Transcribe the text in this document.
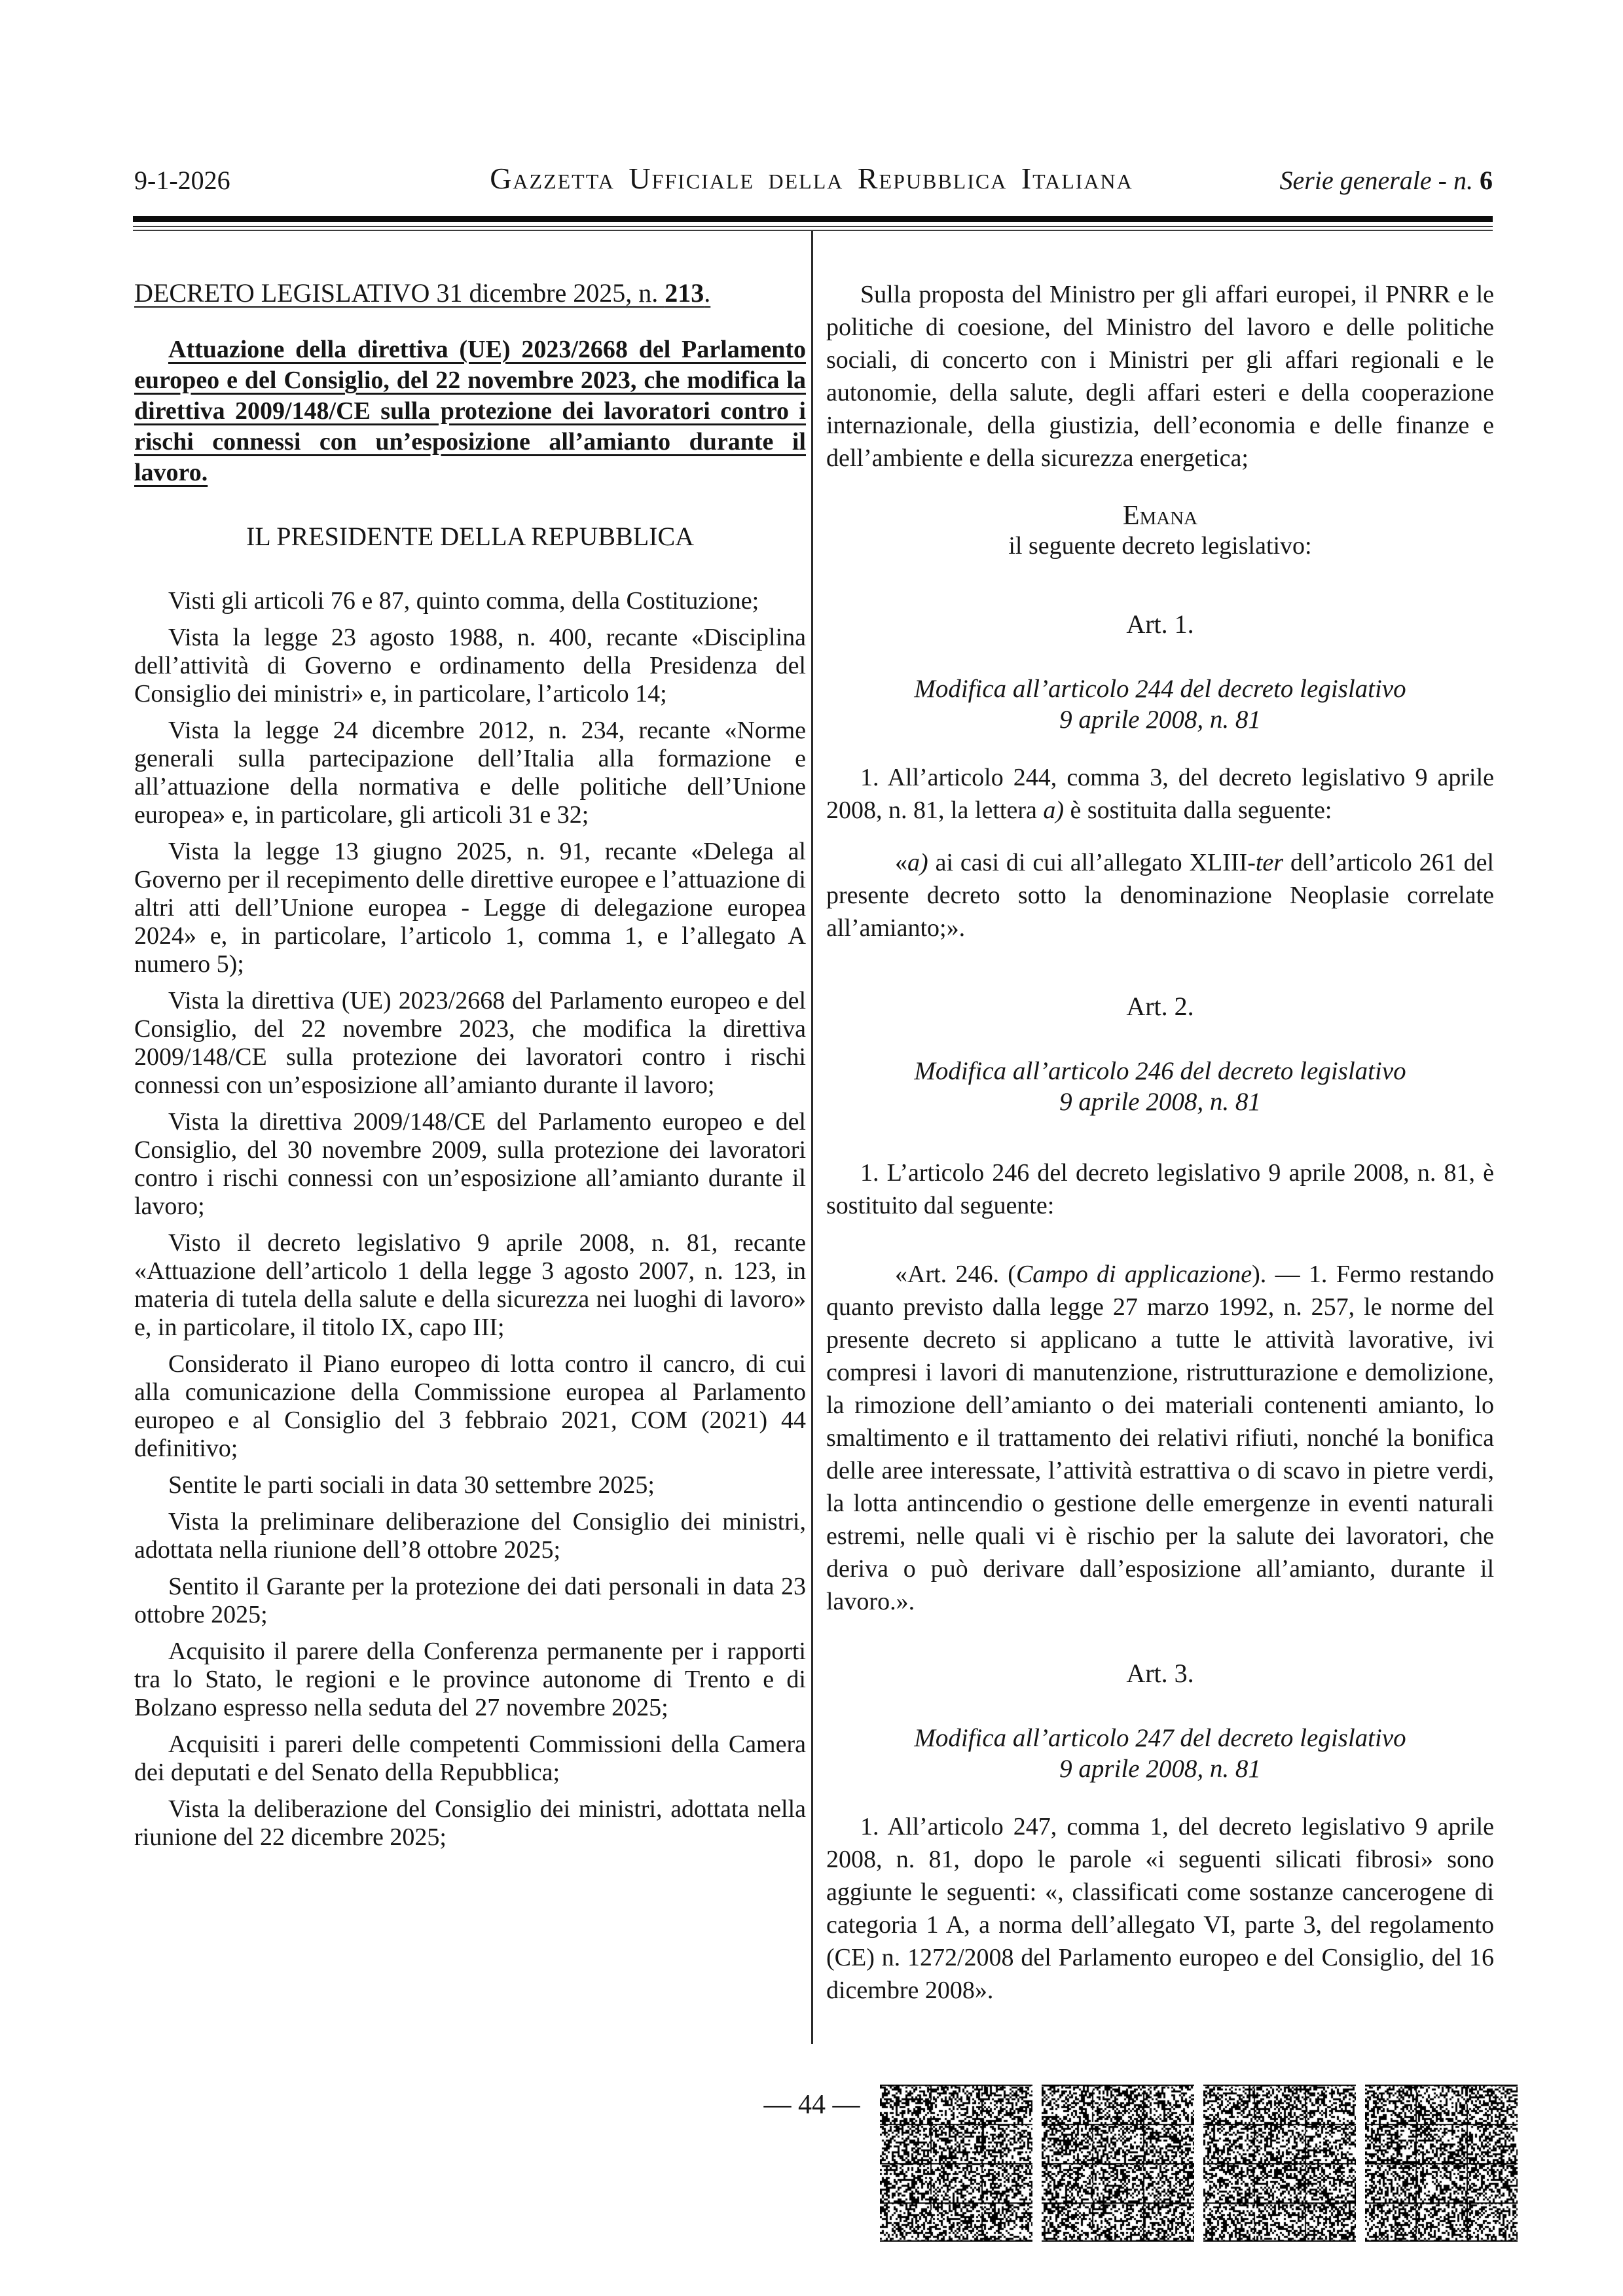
9-1-2026	Gazzetta Ufficiale della Repubblica Italiana	Serie generale - n. 6
DECRETO LEGISLATIVO 31 dicembre 2025, n. 213.

Attuazione della direttiva (UE) 2023/2668 del Parlamento europeo e del Consiglio, del 22 novembre 2023, che modifica la direttiva 2009/148/CE sulla protezione dei lavoratori contro i rischi connessi con un’esposizione all’amianto durante il lavoro.

IL PRESIDENTE DELLA REPUBBLICA

Visti gli articoli 76 e 87, quinto comma, della Costituzione;

Vista la legge 23 agosto 1988, n. 400, recante «Disciplina dell’attività di Governo e ordinamento della Presidenza del Consiglio dei ministri» e, in particolare, l’articolo 14;

Vista la legge 24 dicembre 2012, n. 234, recante «Norme generali sulla partecipazione dell’Italia alla formazione e all’attuazione della normativa e delle politiche dell’Unione europea» e, in particolare, gli articoli 31 e 32;

Vista la legge 13 giugno 2025, n. 91, recante «Delega al Governo per il recepimento delle direttive europee e l’attuazione di altri atti dell’Unione europea - Legge di delegazione europea 2024» e, in particolare, l’articolo 1, comma 1, e l’allegato A numero 5);

Vista la direttiva (UE) 2023/2668 del Parlamento europeo e del Consiglio, del 22 novembre 2023, che modifica la direttiva 2009/148/CE sulla protezione dei lavoratori contro i rischi connessi con un’esposizione all’amianto durante il lavoro;

Vista la direttiva 2009/148/CE del Parlamento europeo e del Consiglio, del 30 novembre 2009, sulla protezione dei lavoratori contro i rischi connessi con un’esposizione all’amianto durante il lavoro;

Visto il decreto legislativo 9 aprile 2008, n. 81, recante «Attuazione dell’articolo 1 della legge 3 agosto 2007, n. 123, in materia di tutela della salute e della sicurezza nei luoghi di lavoro» e, in particolare, il titolo IX, capo III;

Considerato il Piano europeo di lotta contro il cancro, di cui alla comunicazione della Commissione europea al Parlamento europeo e al Consiglio del 3 febbraio 2021, COM (2021) 44 definitivo;

Sentite le parti sociali in data 30 settembre 2025;

Vista la preliminare deliberazione del Consiglio dei ministri, adottata nella riunione dell’8 ottobre 2025;

Sentito il Garante per la protezione dei dati personali in data 23 ottobre 2025;

Acquisito il parere della Conferenza permanente per i rapporti tra lo Stato, le regioni e le province autonome di Trento e di Bolzano espresso nella seduta del 27 novembre 2025;

Acquisiti i pareri delle competenti Commissioni della Camera dei deputati e del Senato della Repubblica;

Vista la deliberazione del Consiglio dei ministri, adottata nella riunione del 22 dicembre 2025;

Sulla proposta del Ministro per gli affari europei, il PNRR e le politiche di coesione, del Ministro del lavoro e delle politiche sociali, di concerto con i Ministri per gli affari regionali e le autonomie, della salute, degli affari esteri e della cooperazione internazionale, della giustizia, dell’economia e delle finanze e dell’ambiente e della sicurezza energetica;

Emana
il seguente decreto legislativo:
Art. 1.
Modifica all’articolo 244 del decreto legislativo
9 aprile 2008, n. 81

1. All’articolo 244, comma 3, del decreto legislativo 9 aprile 2008, n. 81, la lettera a) è sostituita dalla seguente:

«a) ai casi di cui all’allegato XLIII-ter dell’articolo 261 del presente decreto sotto la denominazione Neoplasie correlate all’amianto;».

Art. 2.
Modifica all’articolo 246 del decreto legislativo
9 aprile 2008, n. 81

1. L’articolo 246 del decreto legislativo 9 aprile 2008, n. 81, è sostituito dal seguente:

«Art. 246. (Campo di applicazione). — 1. Fermo restando quanto previsto dalla legge 27 marzo 1992, n. 257, le norme del presente decreto si applicano a tutte le attività lavorative, ivi compresi i lavori di manutenzione, ristrutturazione e demolizione, la rimozione dell’amianto o dei materiali contenenti amianto, lo smaltimento e il trattamento dei relativi rifiuti, nonché la bonifica delle aree interessate, l’attività estrattiva o di scavo in pietre verdi, la lotta antincendio o gestione delle emergenze in eventi naturali estremi, nelle quali vi è rischio per la salute dei lavoratori, che deriva o può derivare dall’esposizione all’amianto, durante il lavoro.».

Art. 3.
Modifica all’articolo 247 del decreto legislativo
9 aprile 2008, n. 81

1. All’articolo 247, comma 1, del decreto legislativo 9 aprile 2008, n. 81, dopo le parole «i seguenti silicati fibrosi» sono aggiunte le seguenti: «, classificati come sostanze cancerogene di categoria 1 A, a norma dell’allegato VI, parte 3, del regolamento (CE) n. 1272/2008 del Parlamento europeo e del Consiglio, del 16 dicembre 2008».

— 44 —
